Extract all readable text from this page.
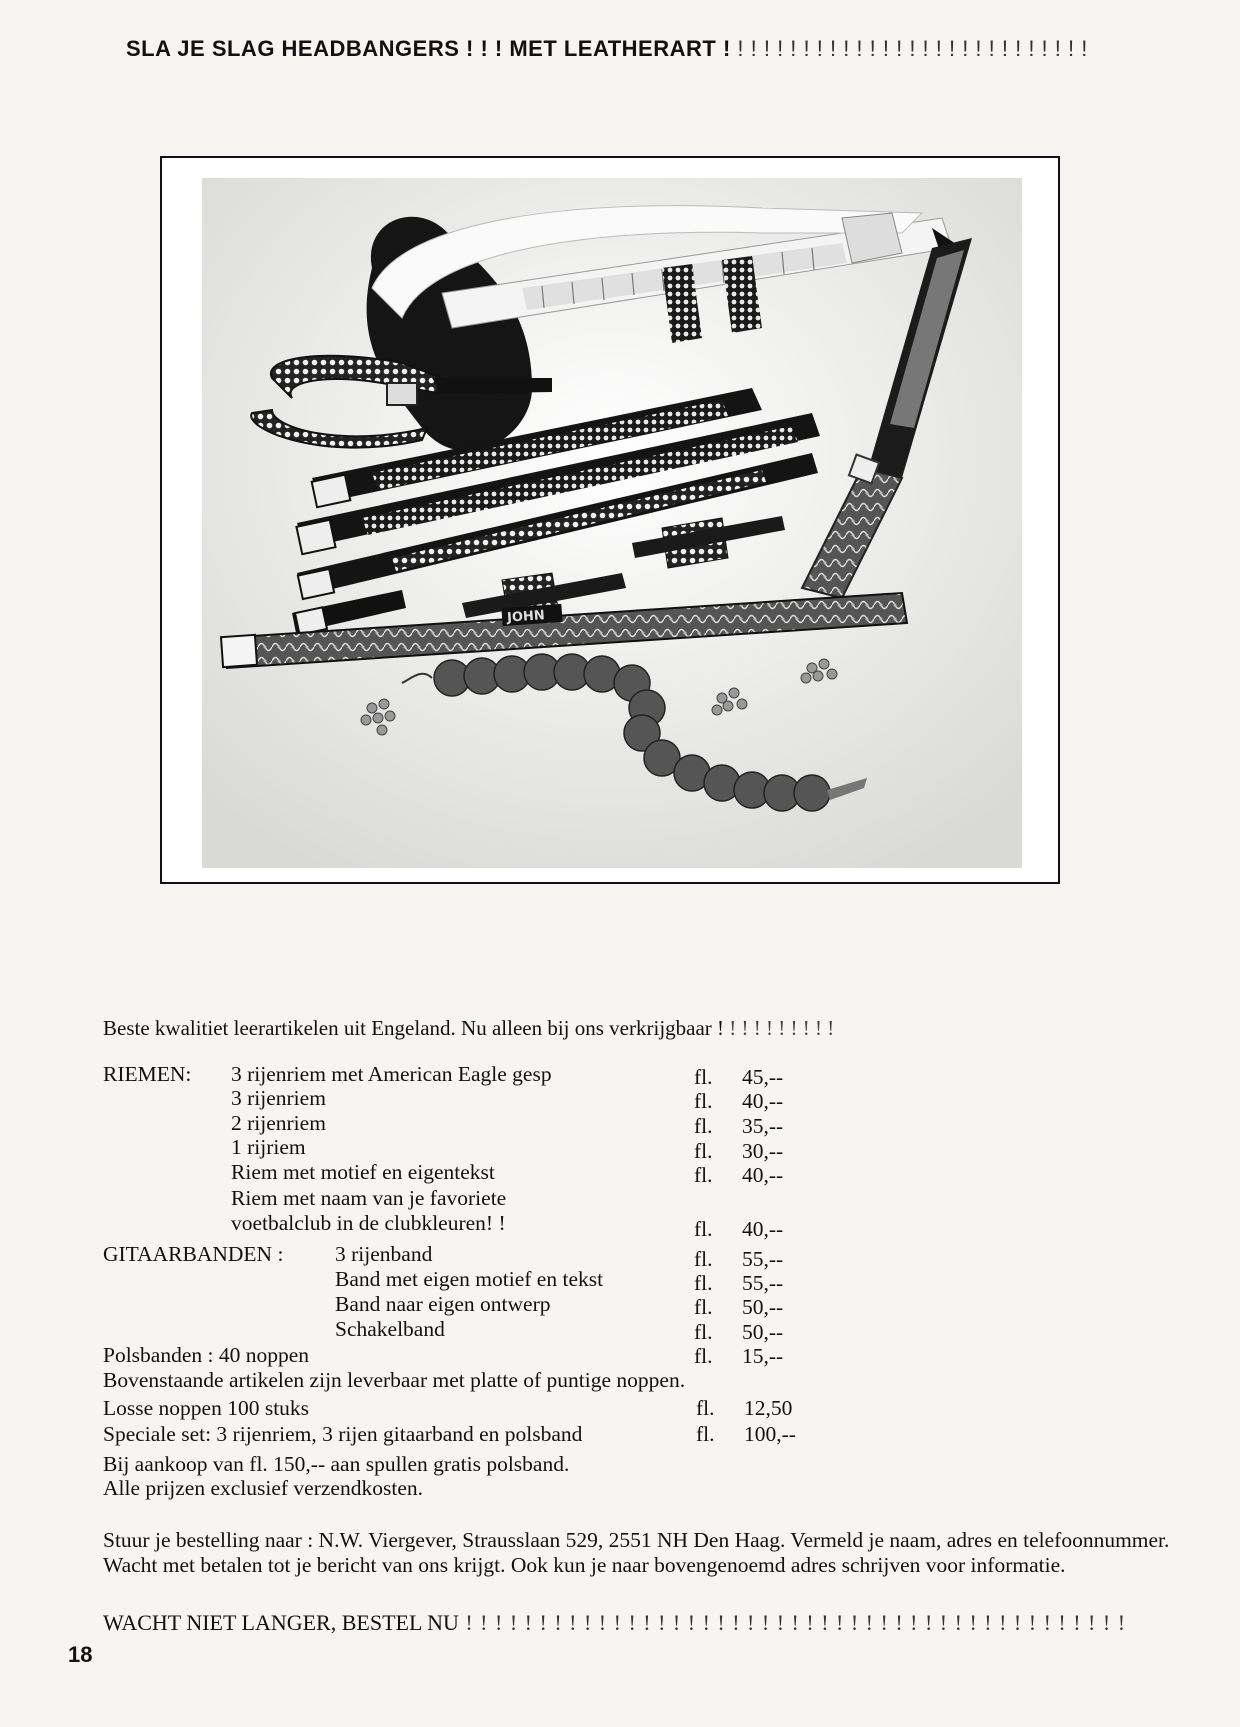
SLA JE SLAG HEADBANGERS ! ! ! MET LEATHERART ! ! ! ! ! ! ! ! ! ! ! ! ! ! ! ! ! ! ! ! ! ! ! ! ! ! ! !
JOHN
Beste kwalitiet leerartikelen uit Engeland. Nu alleen bij ons verkrijgbaar ! ! ! ! ! ! ! ! ! !
RIEMEN: 3 rijenriem met American Eagle gesp	fl. 45,--
3 rijenriem	fl. 40,--
2 rijenriem	fl. 35,--
1 rijriem	fl. 30,--
Riem met motief en eigentekst	fl. 40,--
Riem met naam van je favoriete
voetbalclub in de clubkleuren! !	fl. 40,--
GITAARBANDEN : 3 rijenband	fl. 55,--
Band met eigen motief en tekst	fl. 55,--
Band naar eigen ontwerp	fl. 50,--
Schakelband	fl. 50,--
Polsbanden : 40 noppen	fl. 15,--
Bovenstaande artikelen zijn leverbaar met platte of puntige noppen.
Losse noppen 100 stuks	fl. 12,50
Speciale set: 3 rijenriem, 3 rijen gitaarband en polsband	fl. 100,--
Bij aankoop van fl. 150,-- aan spullen gratis polsband.
Alle prijzen exclusief verzendkosten.
Stuur je bestelling naar : N.W. Viergever, Strausslaan 529, 2551 NH Den Haag. Vermeld je naam, adres en telefoonnummer. Wacht met betalen tot je bericht van ons krijgt. Ook kun je naar bovengenoemd adres schrijven voor informatie.
WACHT NIET LANGER, BESTEL NU ! ! ! ! ! ! ! ! ! ! ! ! ! ! ! ! ! ! ! ! ! ! ! ! ! ! ! ! ! ! ! ! ! ! ! ! ! ! ! ! ! ! ! ! !
18
